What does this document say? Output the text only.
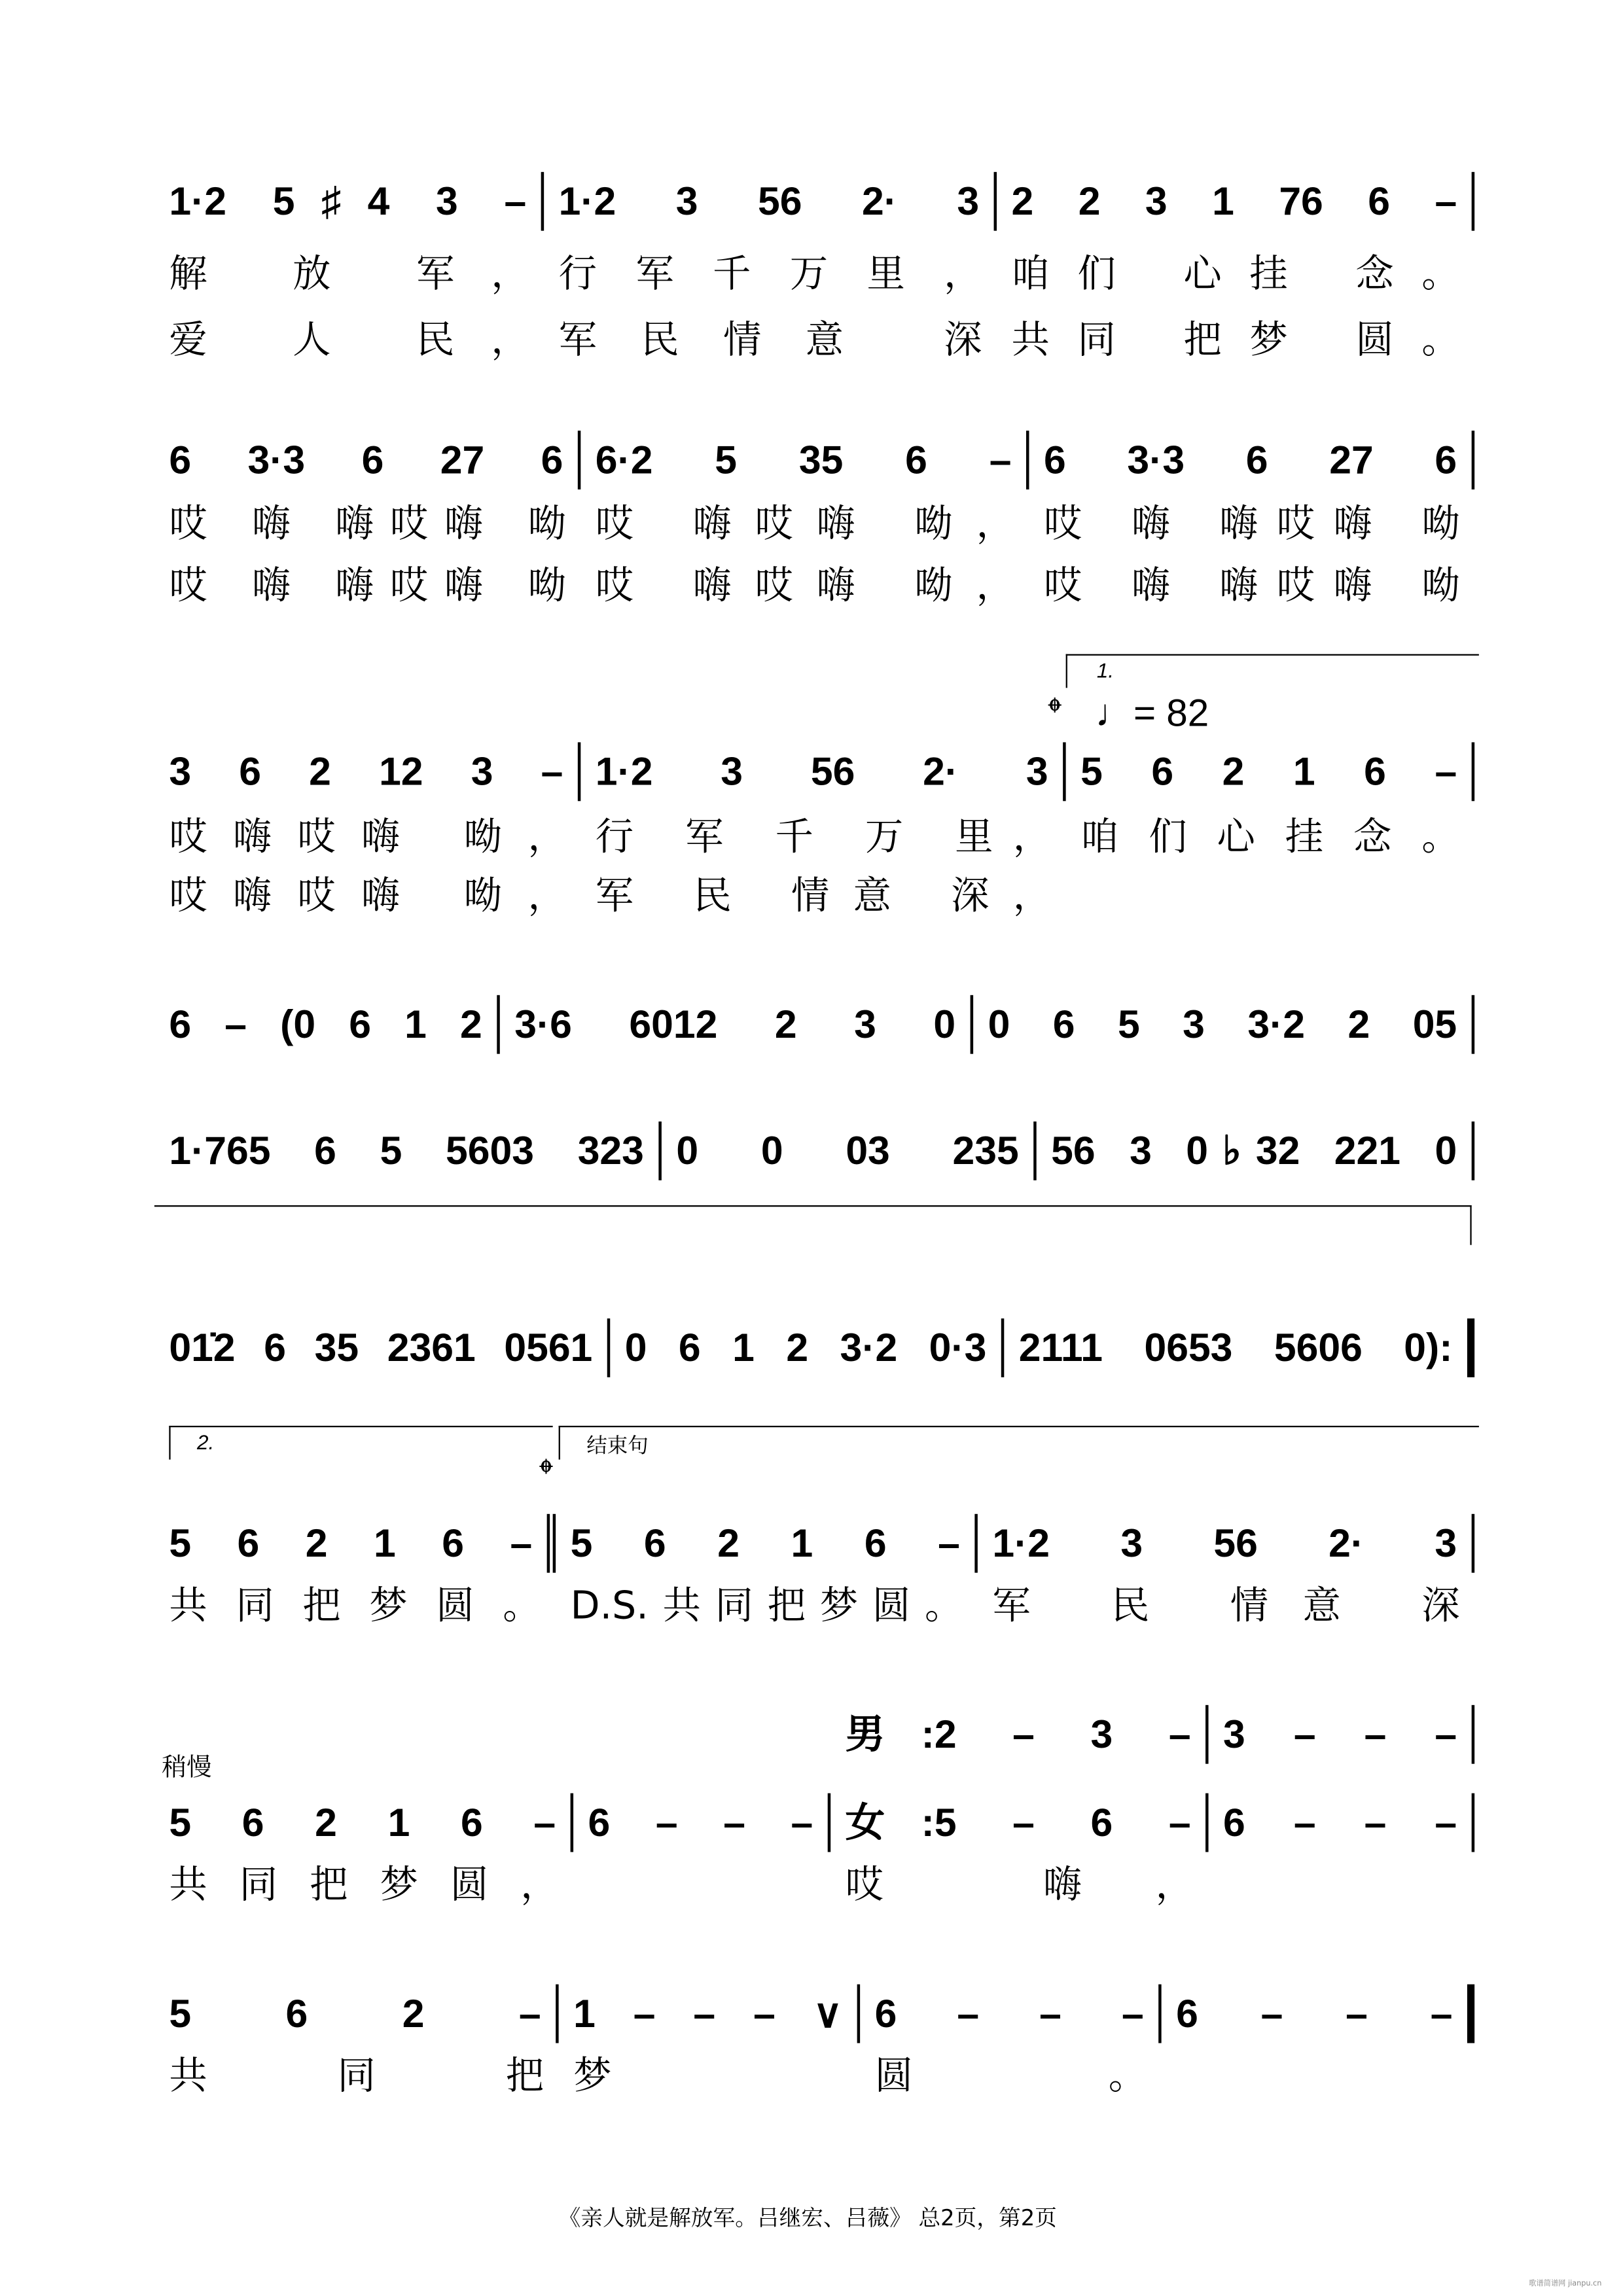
1.
𝄌 ♩= 82
2.	结束句
𝄌
稍慢
1·2 5♯4 3 –	1·2 3 56 2· 3	2 2 3 1 76 6 –
解 放 军，	行军千万里，	咱们 心挂 念。
爱 人 民，	军民情意 深	共同 把梦 圆。
6 3·3 6 27 6	6·2 5 35 6 –	6 3·3 6 27 6
哎 嗨 嗨哎嗨 呦	哎 嗨哎嗨 呦，	哎 嗨 嗨哎嗨 呦
哎 嗨 嗨哎嗨 呦	哎 嗨哎嗨 呦，	哎 嗨 嗨哎嗨 呦
3 6 2 12 3 –	1·2 3 56 2· 3	5 6 2 1 6 –
哎嗨哎嗨 呦，	行 军 千 万 里，	咱们心挂念。
哎嗨哎嗨 呦，	军 民 情意 深，
6 – (0 6 1 2	3·6 6012 2 3 0	0 6 5 3 3·2 2 05
1·765 6 5 5603 323	0 0 03 235	56 3 0♭32 221 0
01̇2 6 35 2361 0561	0 6 1 2 3·2 0·3	2111 0653 5606 0):
5 6 2 1 6 –	5 6 2 1 6 –	1·2 3 56 2· 3
共同把梦圆。	D.S.共同把梦圆。	军 民 情意 深
5 6 2 1 6 –	6 – – –	女:5 – 6 –	6 – – –
男:2 – 3 –	3 – – –
共同把梦圆，	哎 嗨，
5 6 2 –	1 – – – ∨	6 – – –	6 – – –
共 同 把	梦	圆。
《亲人就是解放军。吕继宏、吕薇》 总2页，第2页
歌谱简谱网 jianpu.cn
